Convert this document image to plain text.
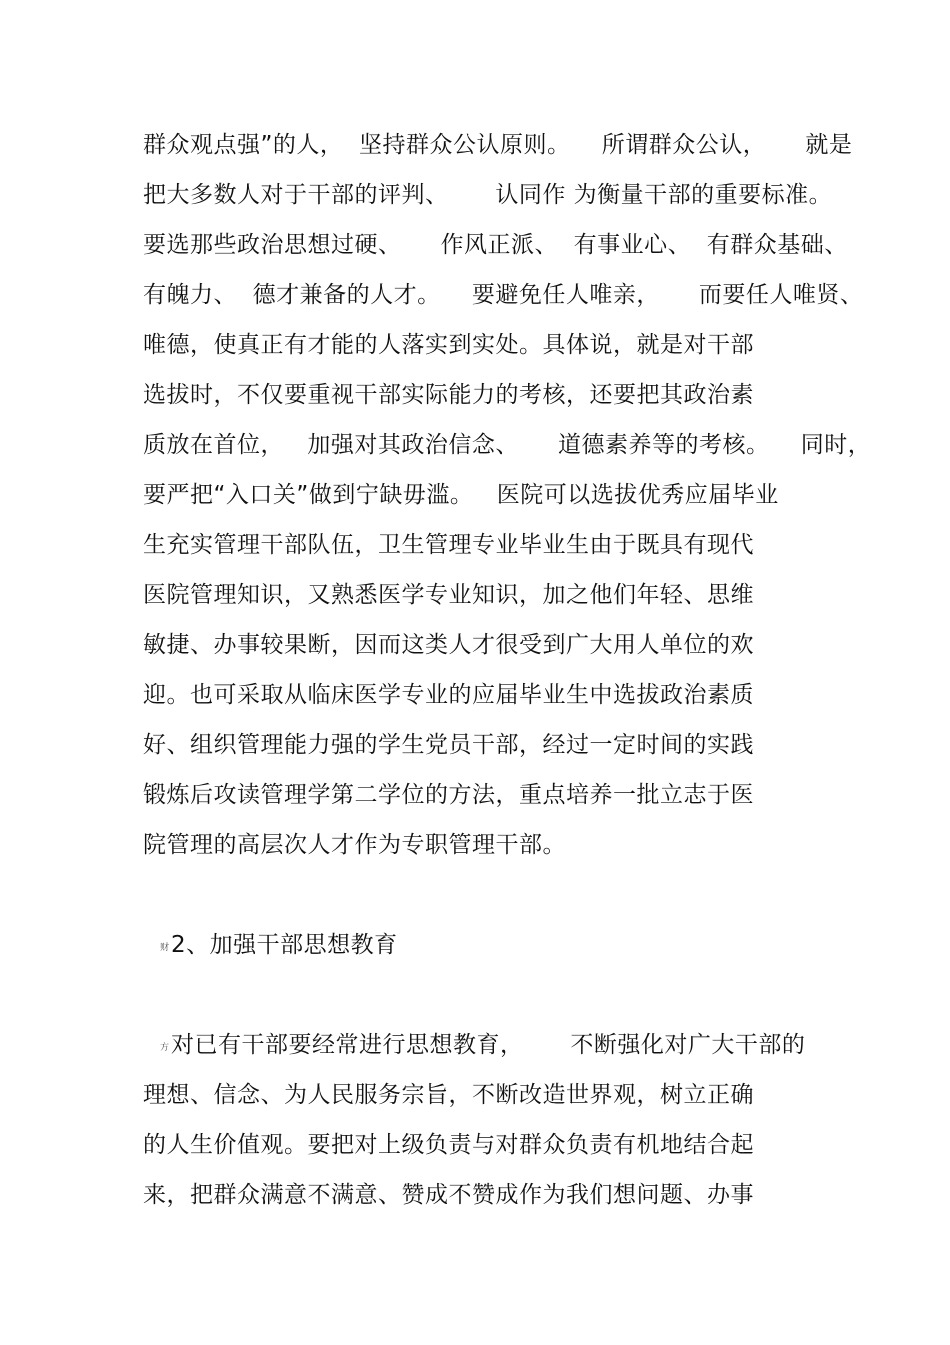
群众观点强”的人，  坚持群众公认原则。    所谓群众公认，     就是
把大多数人对于干部的评判、      认同作 为衡量干部的重要标准。
要选那些政治思想过硬、     作风正派、  有事业心、  有群众基础、
有魄力、  德才兼备的人才。    要避免任人唯亲，     而要任人唯贤、
唯德，使真正有才能的人落实到实处。具体说，就是对干部
选拔时，不仅要重视干部实际能力的考核，还要把其政治素
质放在首位，   加强对其政治信念、     道德素养等的考核。    同时，
要严把“入口关”做到宁缺毋滥。   医院可以选拔优秀应届毕业
生充实管理干部队伍，卫生管理专业毕业生由于既具有现代
医院管理知识，又熟悉医学专业知识，加之他们年轻、思维
敏捷、办事较果断，因而这类人才很受到广大用人单位的欢
迎。也可采取从临床医学专业的应届毕业生中选拔政治素质
好、组织管理能力强的学生党员干部，经过一定时间的实践
锻炼后攻读管理学第二学位的方法，重点培养一批立志于医
院管理的高层次人才作为专职管理干部。
财2、加强干部思想教育
方对已有干部要经常进行思想教育，      不断强化对广大干部的
理想、信念、为人民服务宗旨，不断改造世界观，树立正确
的人生价值观。要把对上级负责与对群众负责有机地结合起
来，把群众满意不满意、赞成不赞成作为我们想问题、办事
